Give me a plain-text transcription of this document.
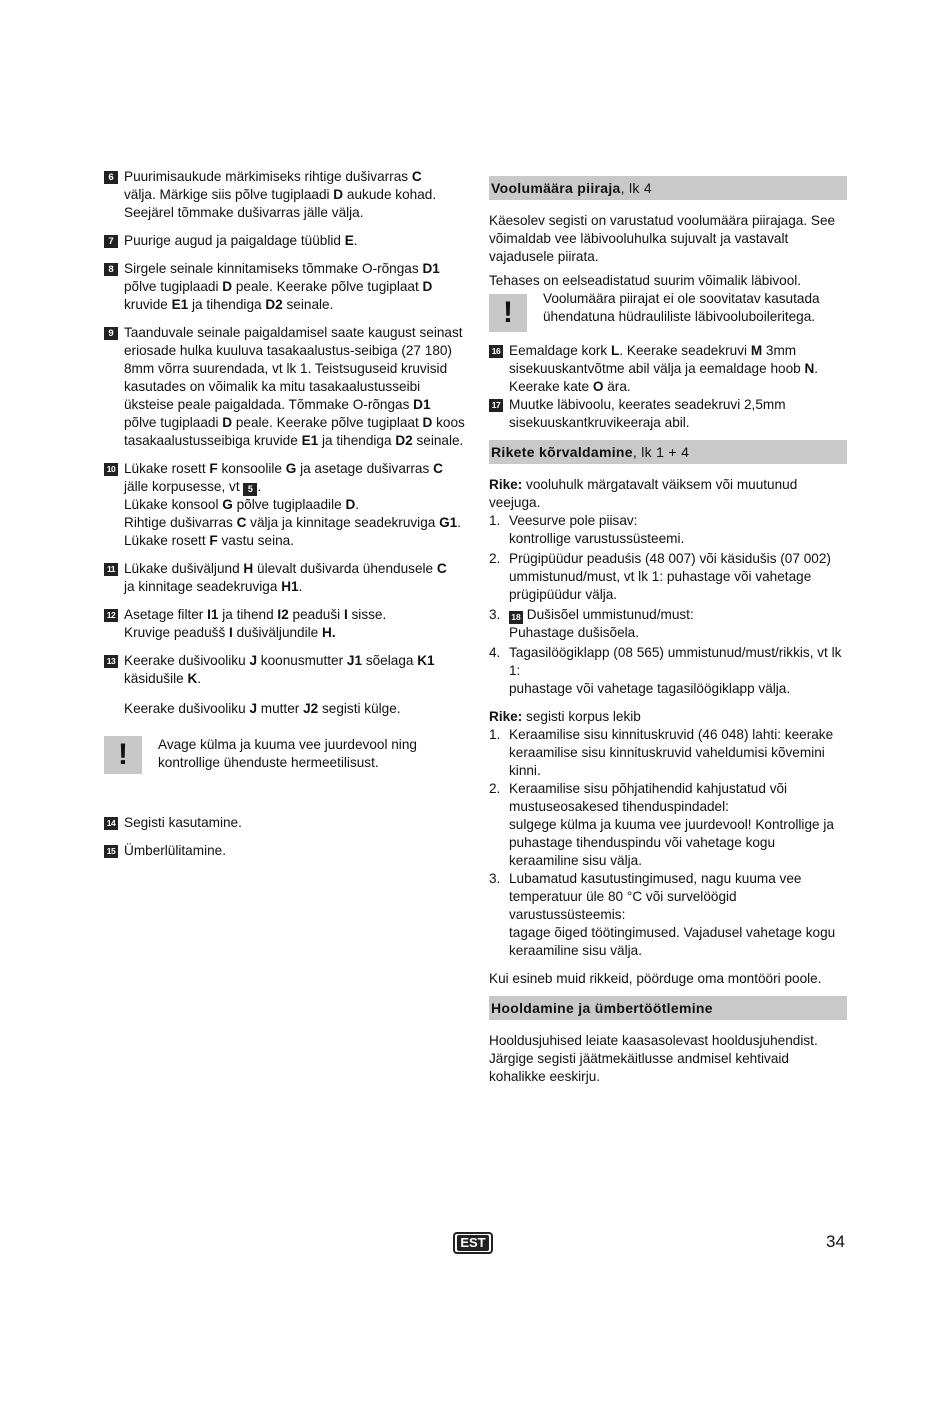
6 Puurimisaukude märkimiseks rihtige dušivarras C
välja. Märkige siis põlve tugiplaadi D aukude kohad. Seejärel tõmmake dušivarras jälle välja.
7 Puurige augud ja paigaldage tüüblid E.
8 Sirgele seinale kinnitamiseks tõmmake O-rõngas D1
põlve tugiplaadi D peale. Keerake põlve tugiplaat D
kruvide E1 ja tihendiga D2 seinale.
9 Taanduvale seinale paigaldamisel saate kaugust seinast eriosade hulka kuuluva tasakaalustus-seibiga (27 180) 8mm võrra suurendada, vt lk 1. Teistsuguseid kruvisid kasutades on võimalik ka mitu tasakaalustusseibi üksteise peale paigaldada. Tõmmake O-rõngas D1 põlve tugiplaadi D peale. Keerake põlve tugiplaat D koos tasakaalustusseibiga kruvide E1 ja tihendiga D2 seinale.
10 Lükake rosett F konsoolile G ja asetage dušivarras C
jälle korpusesse, vt 5 .
Lükake konsool G põlve tugiplaadile D.
Rihtige dušivarras C välja ja kinnitage seadekruviga G1.
Lükake rosett F vastu seina.
11 Lükake dušiväljund H ülevalt dušivarda ühendusele C
ja kinnitage seadekruviga H1.
12 Asetage filter I1 ja tihend I2 peaduši I sisse.
Kruvige peadušš I dušiväljundile H.
13 Keerake dušivooliku J koonusmutter J1 sõelaga K1
käsidušile K.
Keerake dušivooliku J mutter J2 segisti külge.
!	Avage külma ja kuuma vee juurdevool ning kontrollige ühenduste hermeetilisust.
14 Segisti kasutamine.
15 Ümberlülitamine.
Voolumäära piiraja, lk 4
Käesolev segisti on varustatud voolumäära piirajaga. See võimaldab vee läbivooluhulka sujuvalt ja vastavalt vajadusele piirata.
Tehases on eelseadistatud suurim võimalik läbivool.
!	Voolumäära piirajat ei ole soovitatav kasutada ühendatuna hüdrauliliste läbivooluboileritega.
16 Eemaldage kork L. Keerake seadekruvi M 3mm sisekuuskantvõtme abil välja ja eemaldage hoob N. Keerake kate O ära.
17 Muutke läbivoolu, keerates seadekruvi 2,5mm sisekuuskantkruvikeeraja abil.
Rikete kõrvaldamine, lk 1 + 4
Rike: vooluhulk märgatavalt väiksem või muutunud veejuga.
1. Veesurve pole piisav:
kontrollige varustussüsteemi.
2. Prügipüüdur peaduśis (48 007) või käsidušis (07 002) ummistunud/must, vt lk 1: puhastage või vahetage prügipüüdur välja.
3. 18 Dušisõel ummistunud/must:
Puhastage dušisõela.
4. Tagasilöögiklapp (08 565) ummistunud/must/rikkis, vt lk 1:
puhastage või vahetage tagasilöögiklapp välja.
Rike: segisti korpus lekib
1. Keraamilise sisu kinnituskruvid (46 048) lahti: keerake keraamilise sisu kinnituskruvid vaheldumisi kõvemini kinni.
2. Keraamilise sisu põhjatihendid kahjustatud või mustuseosakesed tihenduspindadel:
sulgege külma ja kuuma vee juurdevool! Kontrollige ja puhastage tihenduspindu või vahetage kogu keraamiline sisu välja.
3. Lubamatud kasutustingimused, nagu kuuma vee temperatuur üle 80 °C või survelöögid varustussüsteemis:
tagage õiged töötingimused. Vajadusel vahetage kogu keraamiline sisu välja.
Kui esineb muid rikkeid, pöörduge oma montööri poole.
Hooldamine ja ümbertöötlemine
Hooldusjuhised leiate kaasasolevast hooldusjuhendist. Järgige segisti jäätmekäitlusse andmisel kehtivaid kohalikke eeskirju.
EST	34
